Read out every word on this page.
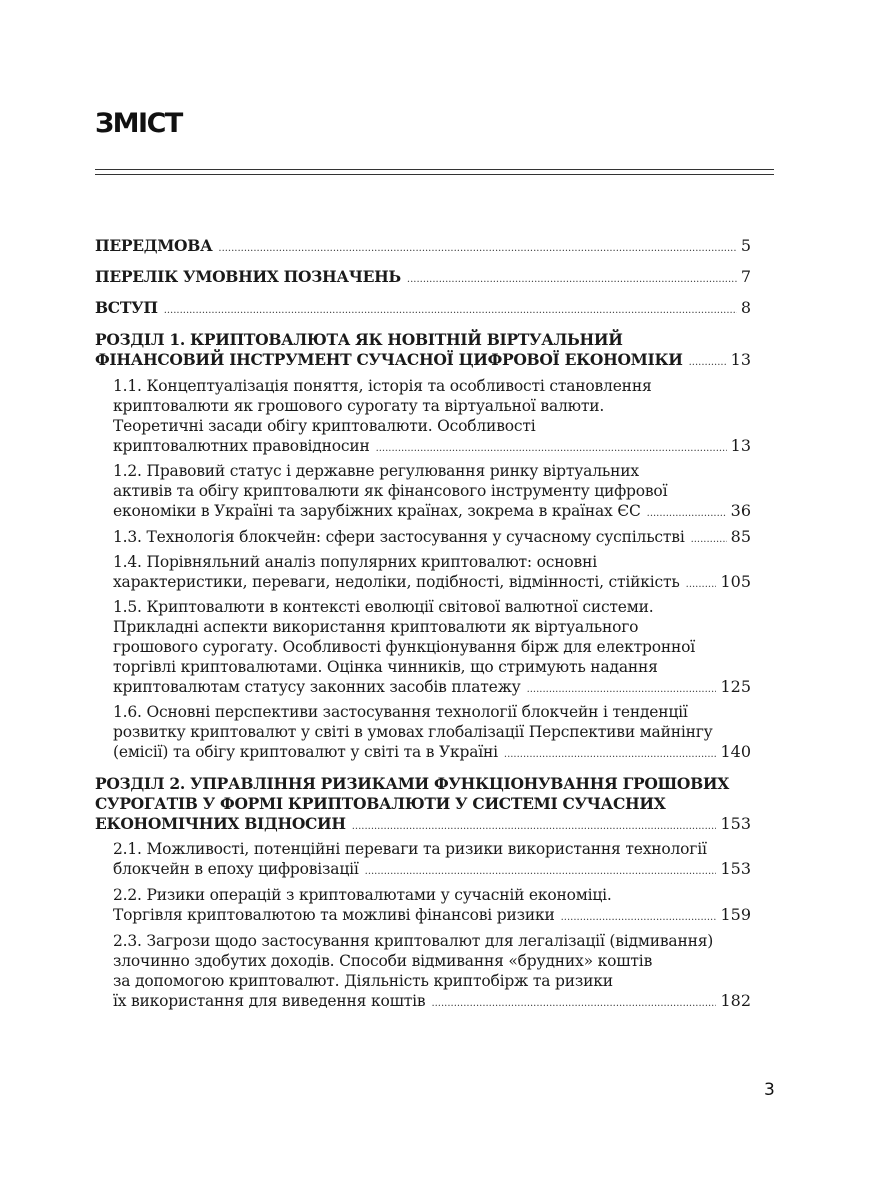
ЗМІСТ
ПЕРЕДМОВА .....	5
ПЕРЕЛІК УМОВНИХ ПОЗНАЧЕНЬ .....	7
ВСТУП .....	8
РОЗДІЛ 1. КРИПТОВАЛЮТА ЯК НОВІТНІЙ ВІРТУАЛЬНИЙ
ФІНАНСОВИЙ ІНСТРУМЕНТ СУЧАСНОЇ ЦИФРОВОЇ ЕКОНОМІКИ .....	13
1.1. Концептуалізація поняття, історія та особливості становлення
криптовалюти як грошового сурогату та віртуальної валюти.
Теоретичні засади обігу криптовалюти. Особливості
криптовалютних правовідносин .....	13
1.2. Правовий статус і державне регулювання ринку віртуальних
активів та обігу криптовалюти як фінансового інструменту цифрової
економіки в Україні та зарубіжних країнах, зокрема в країнах ЄС .....	36
1.3. Технологія блокчейн: сфери застосування у сучасному суспільстві .....	85
1.4. Порівняльний аналіз популярних криптовалют: основні
характеристики, переваги, недоліки, подібності, відмінності, стійкість .....	105
1.5. Криптовалюти в контексті еволюції світової валютної системи.
Прикладні аспекти використання криптовалюти як віртуального
грошового сурогату. Особливості функціонування бірж для електронної
торгівлі криптовалютами. Оцінка чинників, що стримують надання
криптовалютам статусу законних засобів платежу .....	125
1.6. Основні перспективи застосування технології блокчейн і тенденції
розвитку криптовалют у світі в умовах глобалізації Перспективи майнінгу
(емісії) та обігу криптовалют у світі та в Україні .....	140
РОЗДІЛ 2. УПРАВЛІННЯ РИЗИКАМИ ФУНКЦІОНУВАННЯ ГРОШОВИХ
СУРОГАТІВ У ФОРМІ КРИПТОВАЛЮТИ У СИСТЕМІ СУЧАСНИХ
ЕКОНОМІЧНИХ ВІДНОСИН .....	153
2.1. Можливості, потенційні переваги та ризики використання технології
блокчейн в епоху цифровізації .....	153
2.2. Ризики операцій з криптовалютами у сучасній економіці.
Торгівля криптовалютою та можливі фінансові ризики .....	159
2.3. Загрози щодо застосування криптовалют для легалізації (відмивання)
злочинно здобутих доходів. Способи відмивання «брудних» коштів
за допомогою криптовалют. Діяльність криптобірж та ризики
їх використання для виведення коштів .....	182
3
